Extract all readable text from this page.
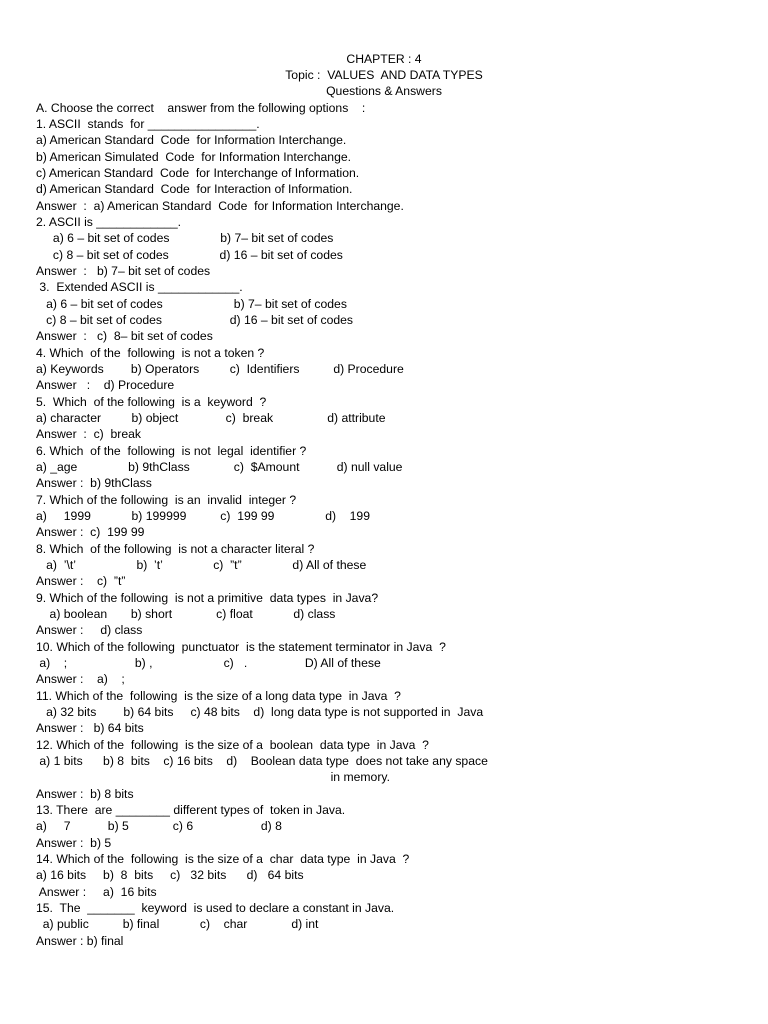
CHAPTER : 4
Topic :  VALUES  AND DATA TYPES
Questions & Answers
A. Choose the correct    answer from the following options    :
1. ASCII  stands  for ________________.
a) American Standard  Code  for Information Interchange.
b) American Simulated  Code  for Information Interchange.
c) American Standard  Code  for Interchange of Information.
d) American Standard  Code  for Interaction of Information.
Answer  :  a) American Standard  Code  for Information Interchange.
2. ASCII is ____________.
a) 6 – bit set of codes               b) 7– bit set of codes
c) 8 – bit set of codes               d) 16 – bit set of codes
Answer  :   b) 7– bit set of codes
3.  Extended ASCII is ____________.
a) 6 – bit set of codes                     b) 7– bit set of codes
c) 8 – bit set of codes                    d) 16 – bit set of codes
Answer  :   c)  8– bit set of codes
4. Which  of the  following  is not a token ?
a) Keywords        b) Operators         c)  Identifiers          d) Procedure
Answer   :    d) Procedure
5.  Which  of the following  is a  keyword  ?
a) character         b) object              c)  break                d) attribute
Answer  :  c)  break
6. Which  of the  following  is not  legal  identifier ?
a) _age               b) 9thClass             c)  $Amount           d) null value
Answer :  b) 9thClass
7. Which of the following  is an  invalid  integer ?
a)     1999            b) 199999          c)  199 99               d)    199
Answer :  c)  199 99
8. Which  of the following  is not a character literal ?
a)  ’\t’                  b)  ’t’               c)  ”t”               d) All of these
Answer :    c)  ”t”
9. Which of the following  is not a primitive  data types  in Java?
a) boolean       b) short             c) float            d) class
Answer :     d) class
10. Which of the following  punctuator  is the statement terminator in Java  ?
a)    ;                    b) ,                     c)   .                 D) All of these
Answer :    a)    ;
11. Which of the  following  is the size of a long data type  in Java  ?
a) 32 bits        b) 64 bits     c) 48 bits    d)  long data type is not supported in  Java
Answer :   b) 64 bits
12. Which of the  following  is the size of a  boolean  data type  in Java  ?
a) 1 bits      b) 8  bits    c) 16 bits    d)    Boolean data type  does not take any space
in memory.
Answer :  b) 8 bits
13. There  are ________ different types of  token in Java.
a)     7           b) 5             c) 6                    d) 8
Answer :  b) 5
14. Which of the  following  is the size of a  char  data type  in Java  ?
a) 16 bits     b)  8  bits     c)   32 bits      d)   64 bits
Answer :     a)  16 bits
15.  The  _______  keyword  is used to declare a constant in Java.
a) public          b) final            c)    char             d) int
Answer : b) final
